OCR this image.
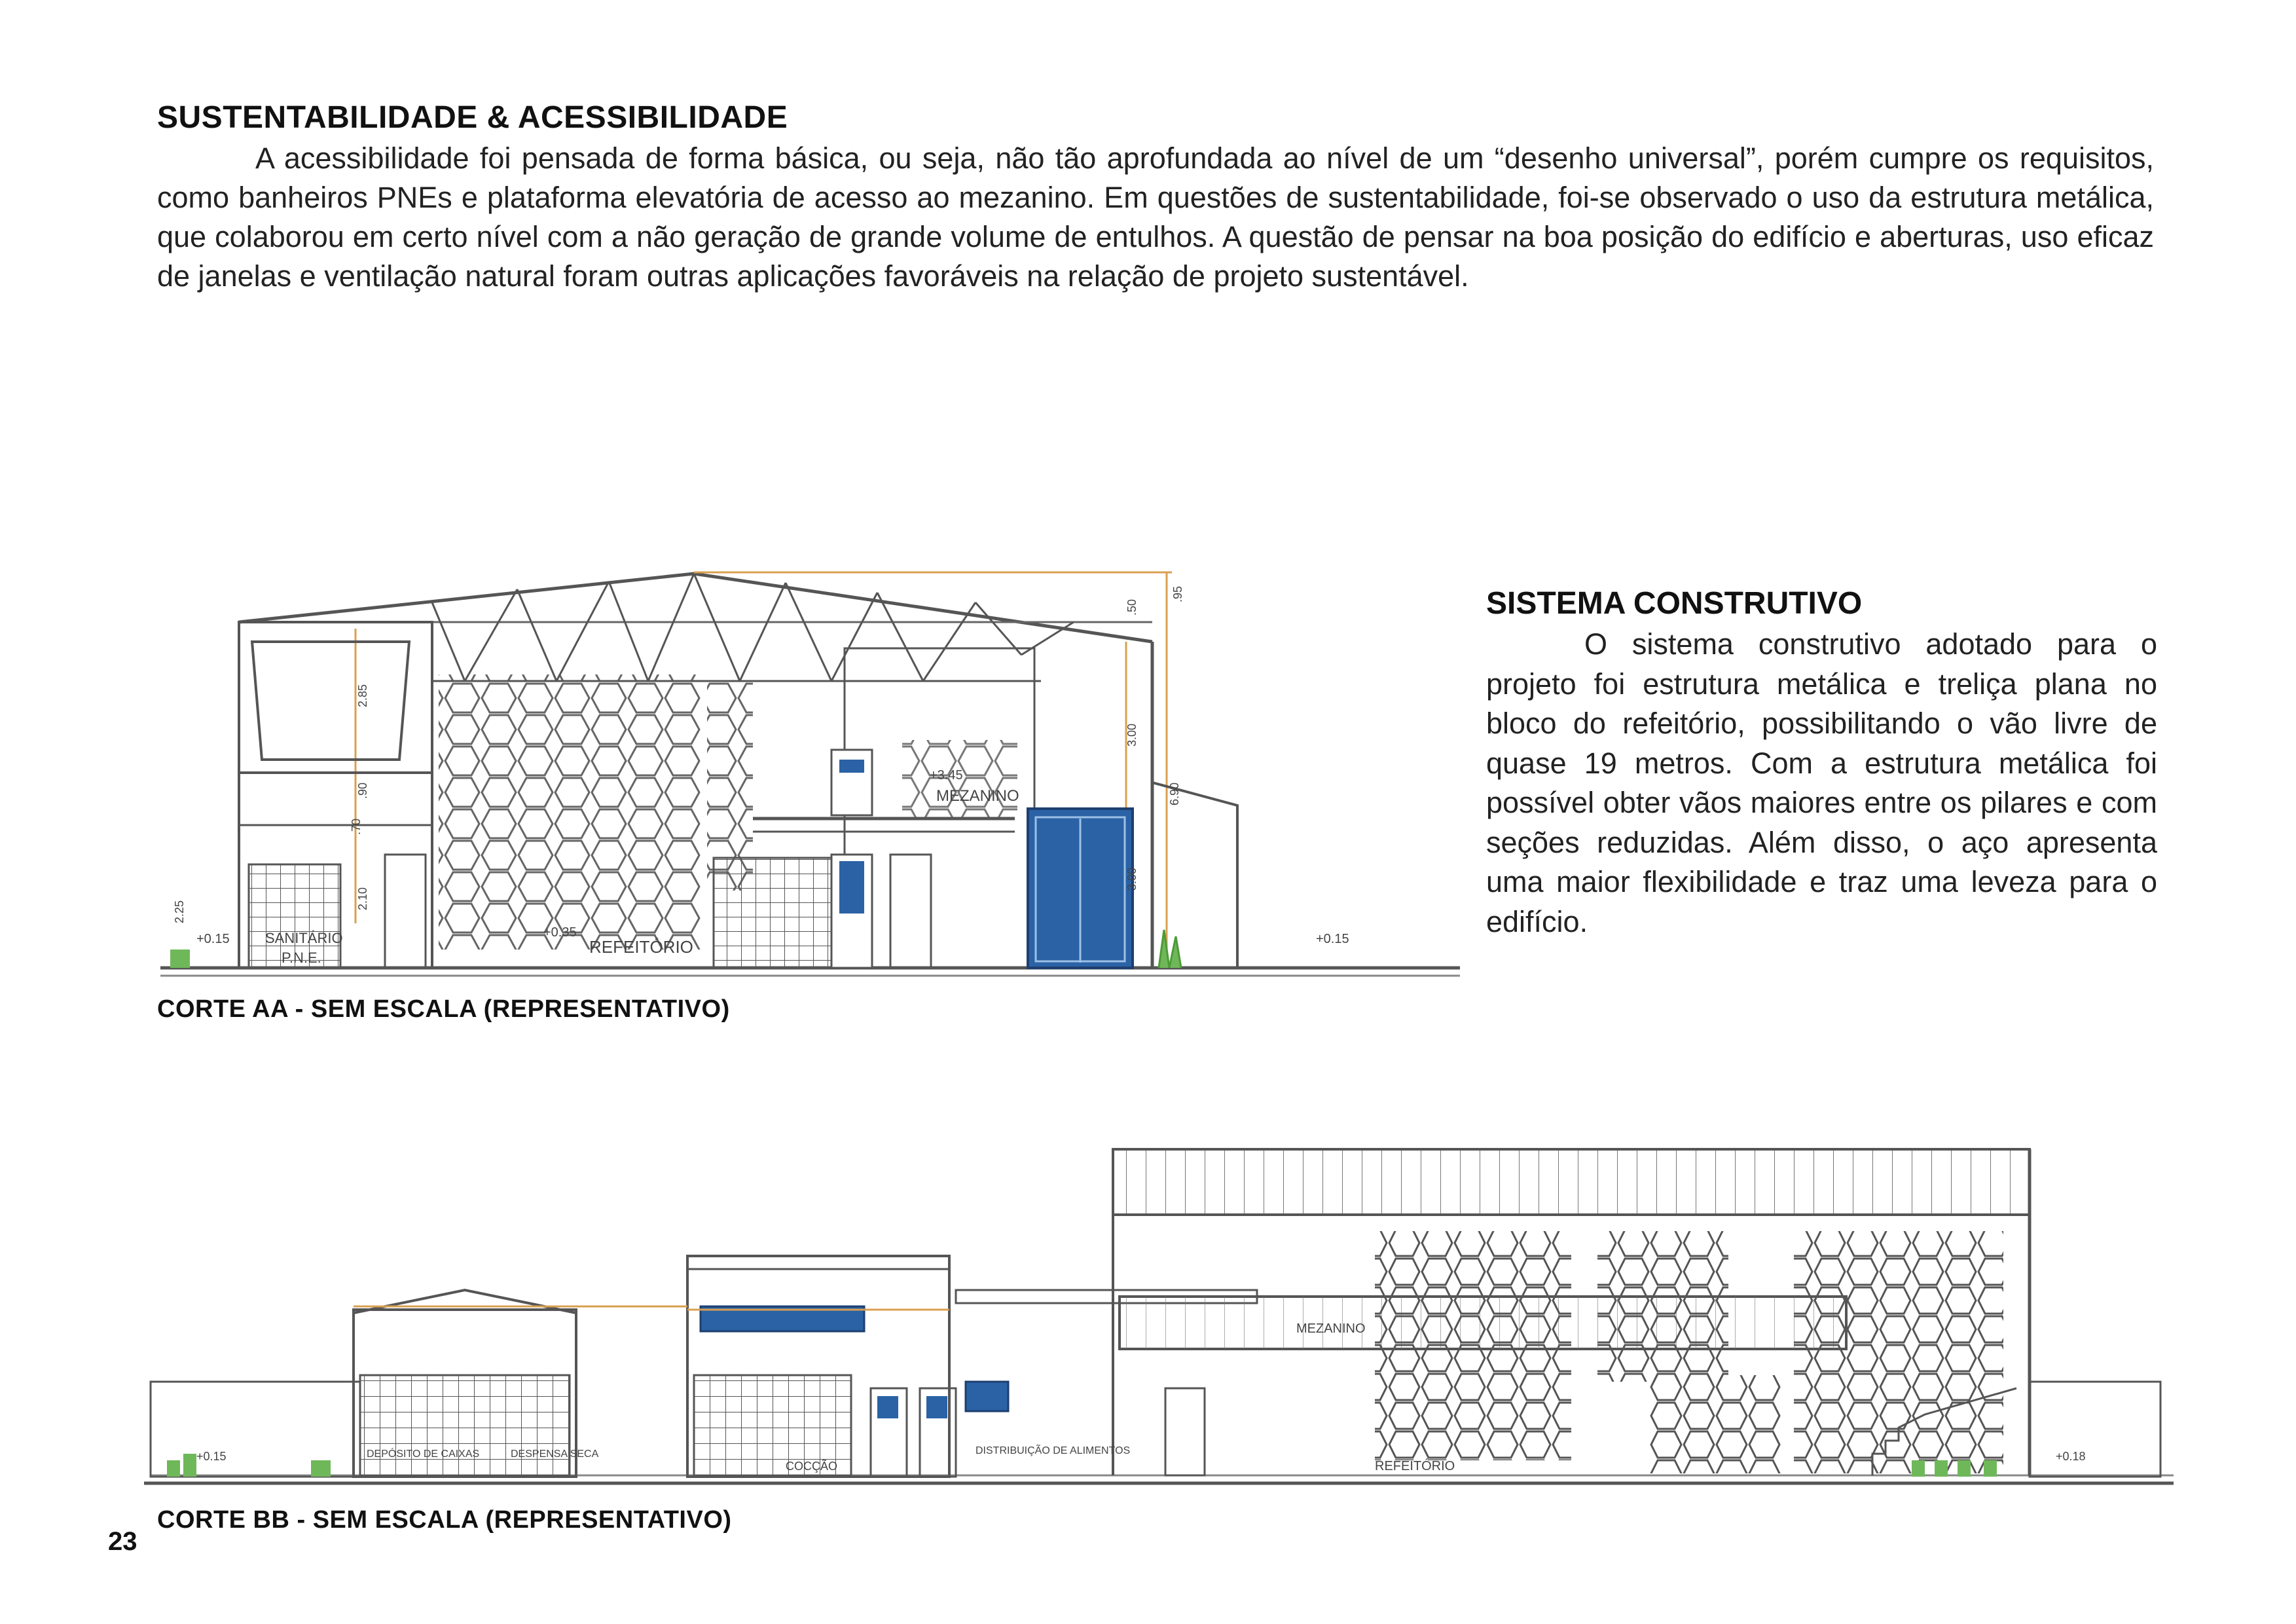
SUSTENTABILIDADE & ACESSIBILIDADE
A acessibilidade foi pensada de forma básica, ou seja, não tão aprofundada ao nível de um “desenho universal”, porém cumpre os requisitos, como banheiros PNEs e plataforma elevatória de acesso ao mezanino. Em questões de sustentabilidade, foi-se observado o uso da estrutura metálica, que colaborou em certo nível com a não geração de grande volume de entulhos. A questão de pensar na boa posição do edifício e aberturas, uso eficaz de janelas e ventilação natural foram outras aplicações favoráveis na relação de projeto sustentável.
SISTEMA CONSTRUTIVO
O sistema construtivo adotado para o projeto foi estrutura metálica e treliça plana no bloco do refeitório, possibilitando o vão livre de quase 19 metros. Com a estrutura metálica foi possível obter vãos maiores entre os pilares e com seções reduzidas. Além disso, o aço apresenta uma maior flexibilidade e traz uma leveza para o edifício.
REFEITÓRIO
MEZANINO
SANITÁRIO
P.N.E.
+0.15	+0.35	+0.15
+3.45
2.85
.90
.70
2.10
2.25
3.00
3.00
6.90
.50
.95
CORTE AA - SEM ESCALA (REPRESENTATIVO)
MEZANINO
REFEITÓRIO
DEPÓSITO DE CAIXAS	DESPENSA SECA
COCÇÃO
DISTRIBUIÇÃO DE ALIMENTOS
+0.15	+0.18
CORTE BB - SEM ESCALA (REPRESENTATIVO)
23
